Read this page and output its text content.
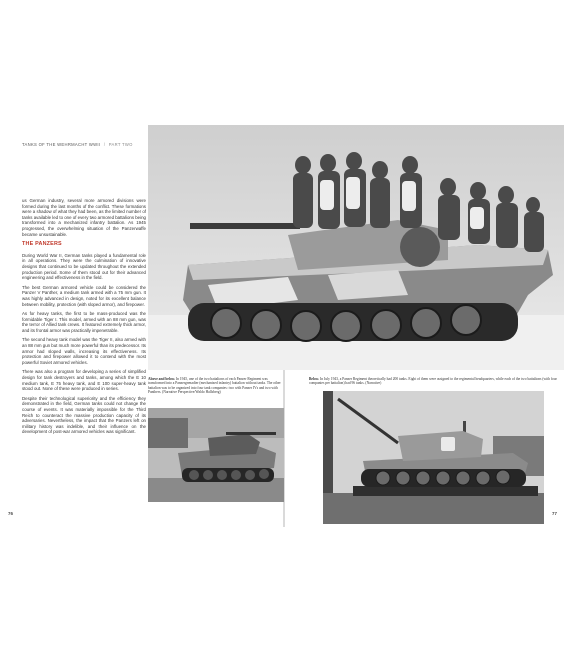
TANKS OF THE WEHRMACHT WWII / PART TWO

us German industry, several more armored divisions were formed during the last months of the conflict. These formations were a shadow of what they had been, as the limited number of tanks available led to one of every two armored battalions being transformed into a mechanized infantry battalion. As 1945 progressed, the overwhelming situation of the Panzerwaffe became unsustainable.

THE PANZERS

During World War II, German tanks played a fundamental role in all operations. They were the culmination of innovative designs that continued to be updated throughout the extended production period. Some of them stood out for their advanced engineering and effectiveness in the field.

The best German armored vehicle could be considered the Panzer V Panther, a medium tank armed with a 75 mm gun. It was highly advanced in design, noted for its excellent balance between mobility, protection (with sloped armor), and firepower.

As for heavy tanks, the first to be mass-produced was the formidable Tiger I. This model, armed with an 88 mm gun, was the terror of Allied tank crews. It featured extremely thick armor, and its frontal armor was practically impenetrable.

The second heavy tank model was the Tiger II, also armed with an 88 mm gun but much more powerful than its predecessor. Its armor had sloped walls, increasing its effectiveness. Its protection and firepower allowed it to contend with the most powerful Soviet armored vehicles.

There was also a program for developing a series of simplified design for tank destroyers and tanks, among which the E 10 medium tank, E 75 heavy tank, and E 100 super-heavy tank stood out. None of these were produced in series.

Despite their technological superiority and the efficiency they demonstrated in the field, German tanks could not change the course of events. It was materially impossible for the Third Reich to counteract the massive production capacity of its adversaries. Nevertheless, the impact that the Panzers left on military history was indelible, and their influence on the development of post-war armored vehicles was significant.

Above and below. In 1945, one of the two battalions of each Panzer Regiment was transformed into a Panzergrenadier (mechanized infantry) battalion without tanks. The other battalion was to be organized into four tank companies: two with Panzer IVs and two with Panthers. (Narrative Perspective/Waldo Hallsberg)
Below. In July 1943, a Panzer Regiment theoretically had 200 tanks. Eight of them were assigned to the regimental headquarters, while each of the two battalions (with four companies per battalion) had 96 tanks. (Narrative)
76	77
